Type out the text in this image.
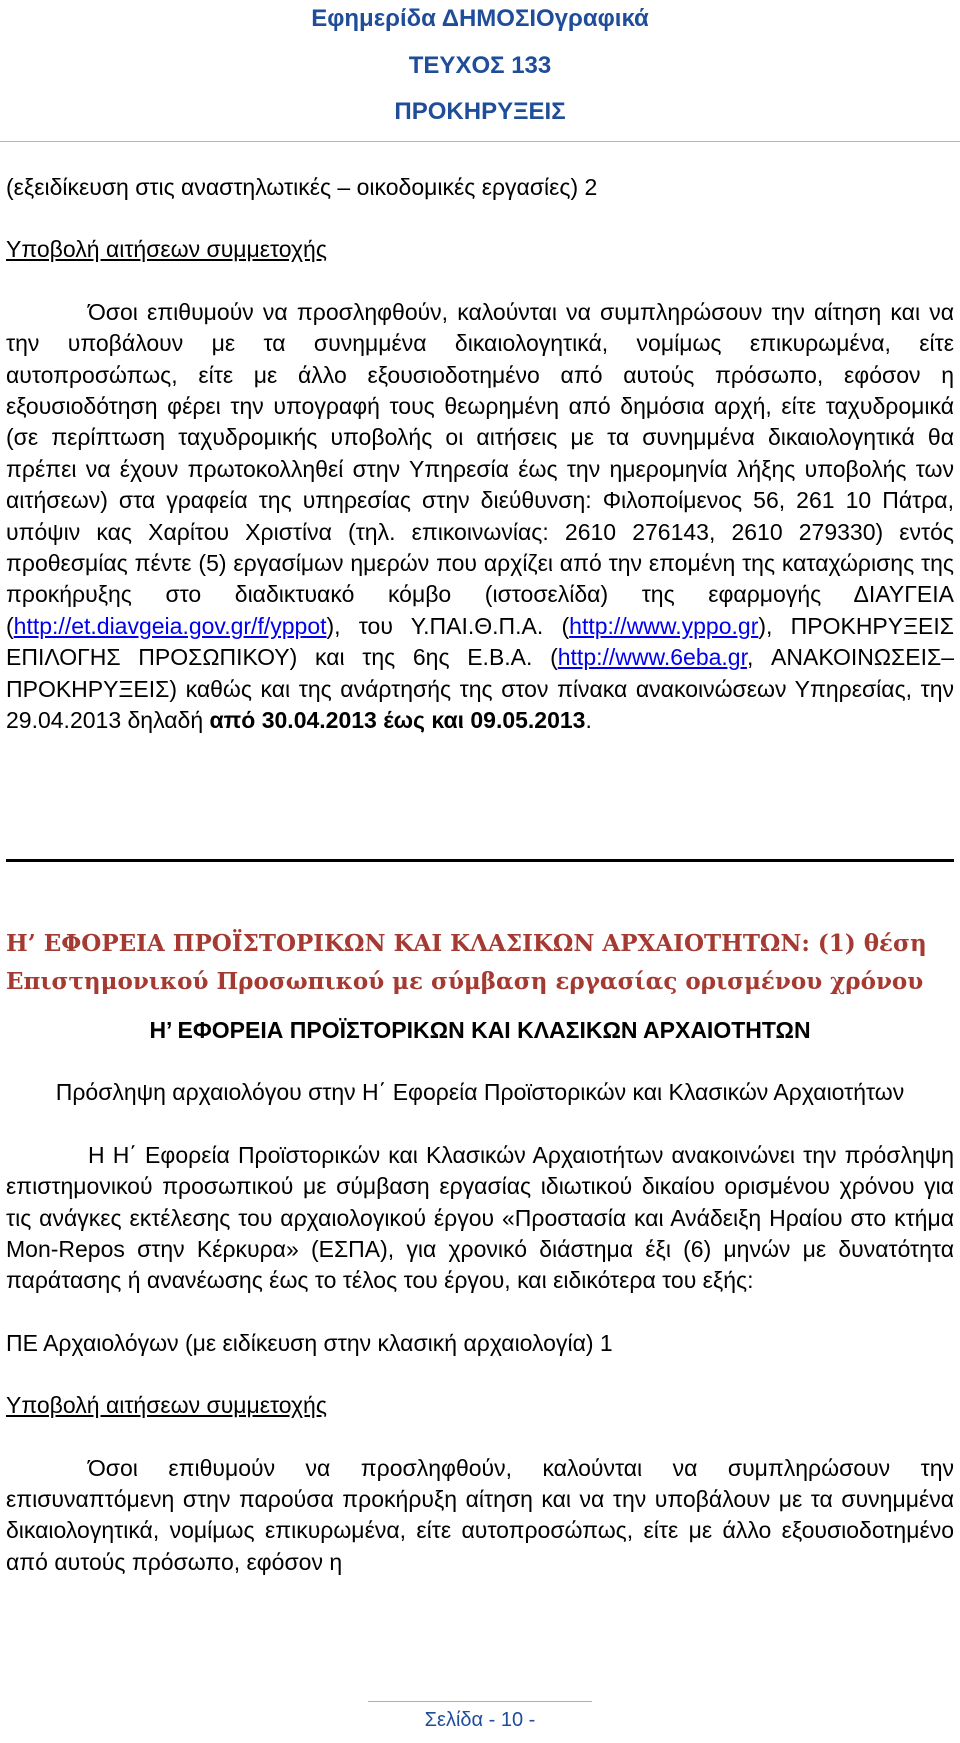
Εφημερίδα ΔΗΜΟΣΙΟγραφικά
ΤΕΥΧΟΣ 133
ΠΡΟΚΗΡΥΞΕΙΣ
(εξειδίκευση στις αναστηλωτικές – οικοδομικές εργασίες) 2
Υποβολή αιτήσεων συμμετοχής
Όσοι επιθυμούν να προσληφθούν, καλούνται να συμπληρώσουν την αίτηση και να την υποβάλουν με τα συνημμένα δικαιολογητικά, νομίμως επικυρωμένα, είτε αυτοπροσώπως, είτε με άλλο εξουσιοδοτημένο από αυτούς πρόσωπο, εφόσον η εξουσιοδότηση φέρει την υπογραφή τους θεωρημένη από δημόσια αρχή, είτε ταχυδρομικά (σε περίπτωση ταχυδρομικής υποβολής οι αιτήσεις με τα συνημμένα δικαιολογητικά θα πρέπει να έχουν πρωτοκολληθεί στην Υπηρεσία έως την ημερομηνία λήξης υποβολής των αιτήσεων) στα γραφεία της υπηρεσίας στην διεύθυνση: Φιλοποίμενος 56, 261 10 Πάτρα, υπόψιν κας Χαρίτου Χριστίνα (τηλ. επικοινωνίας: 2610 276143, 2610 279330) εντός προθεσμίας πέντε (5) εργασίμων ημερών που αρχίζει από την επομένη της καταχώρισης της προκήρυξης στο διαδικτυακό κόμβο (ιστοσελίδα) της εφαρμογής ΔΙΑΥΓΕΙΑ (http://et.diavgeia.gov.gr/f/yppot), του Υ.ΠΑΙ.Θ.Π.Α. (http://www.yppo.gr), ΠΡΟΚΗΡΥΞΕΙΣ ΕΠΙΛΟΓΗΣ ΠΡΟΣΩΠΙΚΟΥ) και της 6ης Ε.Β.Α. (http://www.6eba.gr, ΑΝΑΚΟΙΝΩΣΕΙΣ–ΠΡΟΚΗΡΥΞΕΙΣ) καθώς και της ανάρτησής της στον πίνακα ανακοινώσεων Υπηρεσίας, την 29.04.2013 δηλαδή από 30.04.2013 έως και 09.05.2013.
Η’ ΕΦΟΡΕΙΑ ΠΡΟΪΣΤΟΡΙΚΩΝ ΚΑΙ ΚΛΑΣΙΚΩΝ ΑΡΧΑΙΟΤΗΤΩΝ: (1) θέση
Επιστημονικού Προσωπικού με σύμβαση εργασίας ορισμένου χρόνου
Η’ ΕΦΟΡΕΙΑ ΠΡΟΪΣΤΟΡΙΚΩΝ ΚΑΙ ΚΛΑΣΙΚΩΝ ΑΡΧΑΙΟΤΗΤΩΝ
Πρόσληψη αρχαιολόγου στην Η΄ Εφορεία Προϊστορικών και Κλασικών Αρχαιοτήτων
Η Η΄ Εφορεία Προϊστορικών και Κλασικών Αρχαιοτήτων ανακοινώνει την πρόσληψη επιστημονικού προσωπικού με σύμβαση εργασίας ιδιωτικού δικαίου ορισμένου χρόνου για τις ανάγκες εκτέλεσης του αρχαιολογικού έργου «Προστασία και Ανάδειξη Ηραίου στο κτήμα Mon-Repos στην Κέρκυρα» (ΕΣΠΑ), για χρονικό διάστημα έξι (6) μηνών με δυνατότητα παράτασης ή ανανέωσης έως το τέλος του έργου, και ειδικότερα του εξής:
ΠΕ Αρχαιολόγων (με ειδίκευση στην κλασική αρχαιολογία) 1
Υποβολή αιτήσεων συμμετοχής
Όσοι επιθυμούν να προσληφθούν, καλούνται να συμπληρώσουν την επισυναπτόμενη στην παρούσα προκήρυξη αίτηση και να την υποβάλουν με τα συνημμένα δικαιολογητικά, νομίμως επικυρωμένα, είτε αυτοπροσώπως, είτε με άλλο εξουσιοδοτημένο από αυτούς πρόσωπο, εφόσον η
Σελίδα - 10 -
